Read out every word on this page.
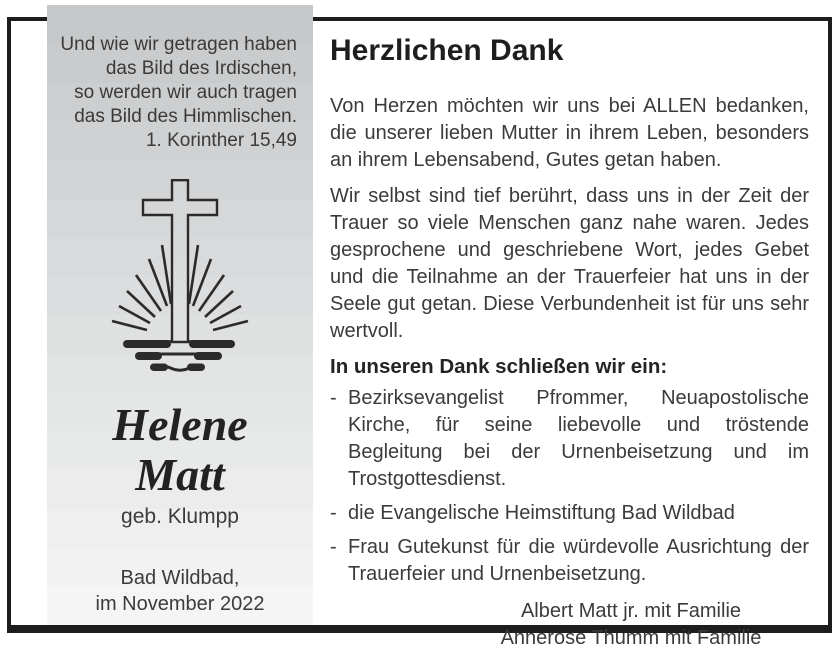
Und wie wir getragen haben
das Bild des Irdischen,
so werden wir auch tragen
das Bild des Himmlischen.
1. Korinther 15,49
Helene
Matt
geb. Klumpp
Bad Wildbad,
im November 2022
Herzlichen Dank

Von Herzen möchten wir uns bei ALLEN bedanken, die unserer lieben Mutter in ihrem Leben, besonders an ihrem Lebensabend, Gutes getan haben.

Wir selbst sind tief berührt, dass uns in der Zeit der Trauer so viele Menschen ganz nahe waren. Jedes gesprochene und geschriebene Wort, jedes Gebet und die Teilnahme an der Trauerfeier hat uns in der Seele gut getan. Diese Verbundenheit ist für uns sehr wertvoll.

In unseren Dank schließen wir ein:
- Bezirksevangelist Pfrommer, Neuapostolische Kirche, für seine liebevolle und tröstende Begleitung bei der Urnenbeisetzung und im Trostgottesdienst.
- die Evangelische Heimstiftung Bad Wildbad
- Frau Gutekunst für die würdevolle Ausrichtung der Trauerfeier und Urnenbeisetzung.
Albert Matt jr. mit Familie
Annerose Thumm mit Familie
